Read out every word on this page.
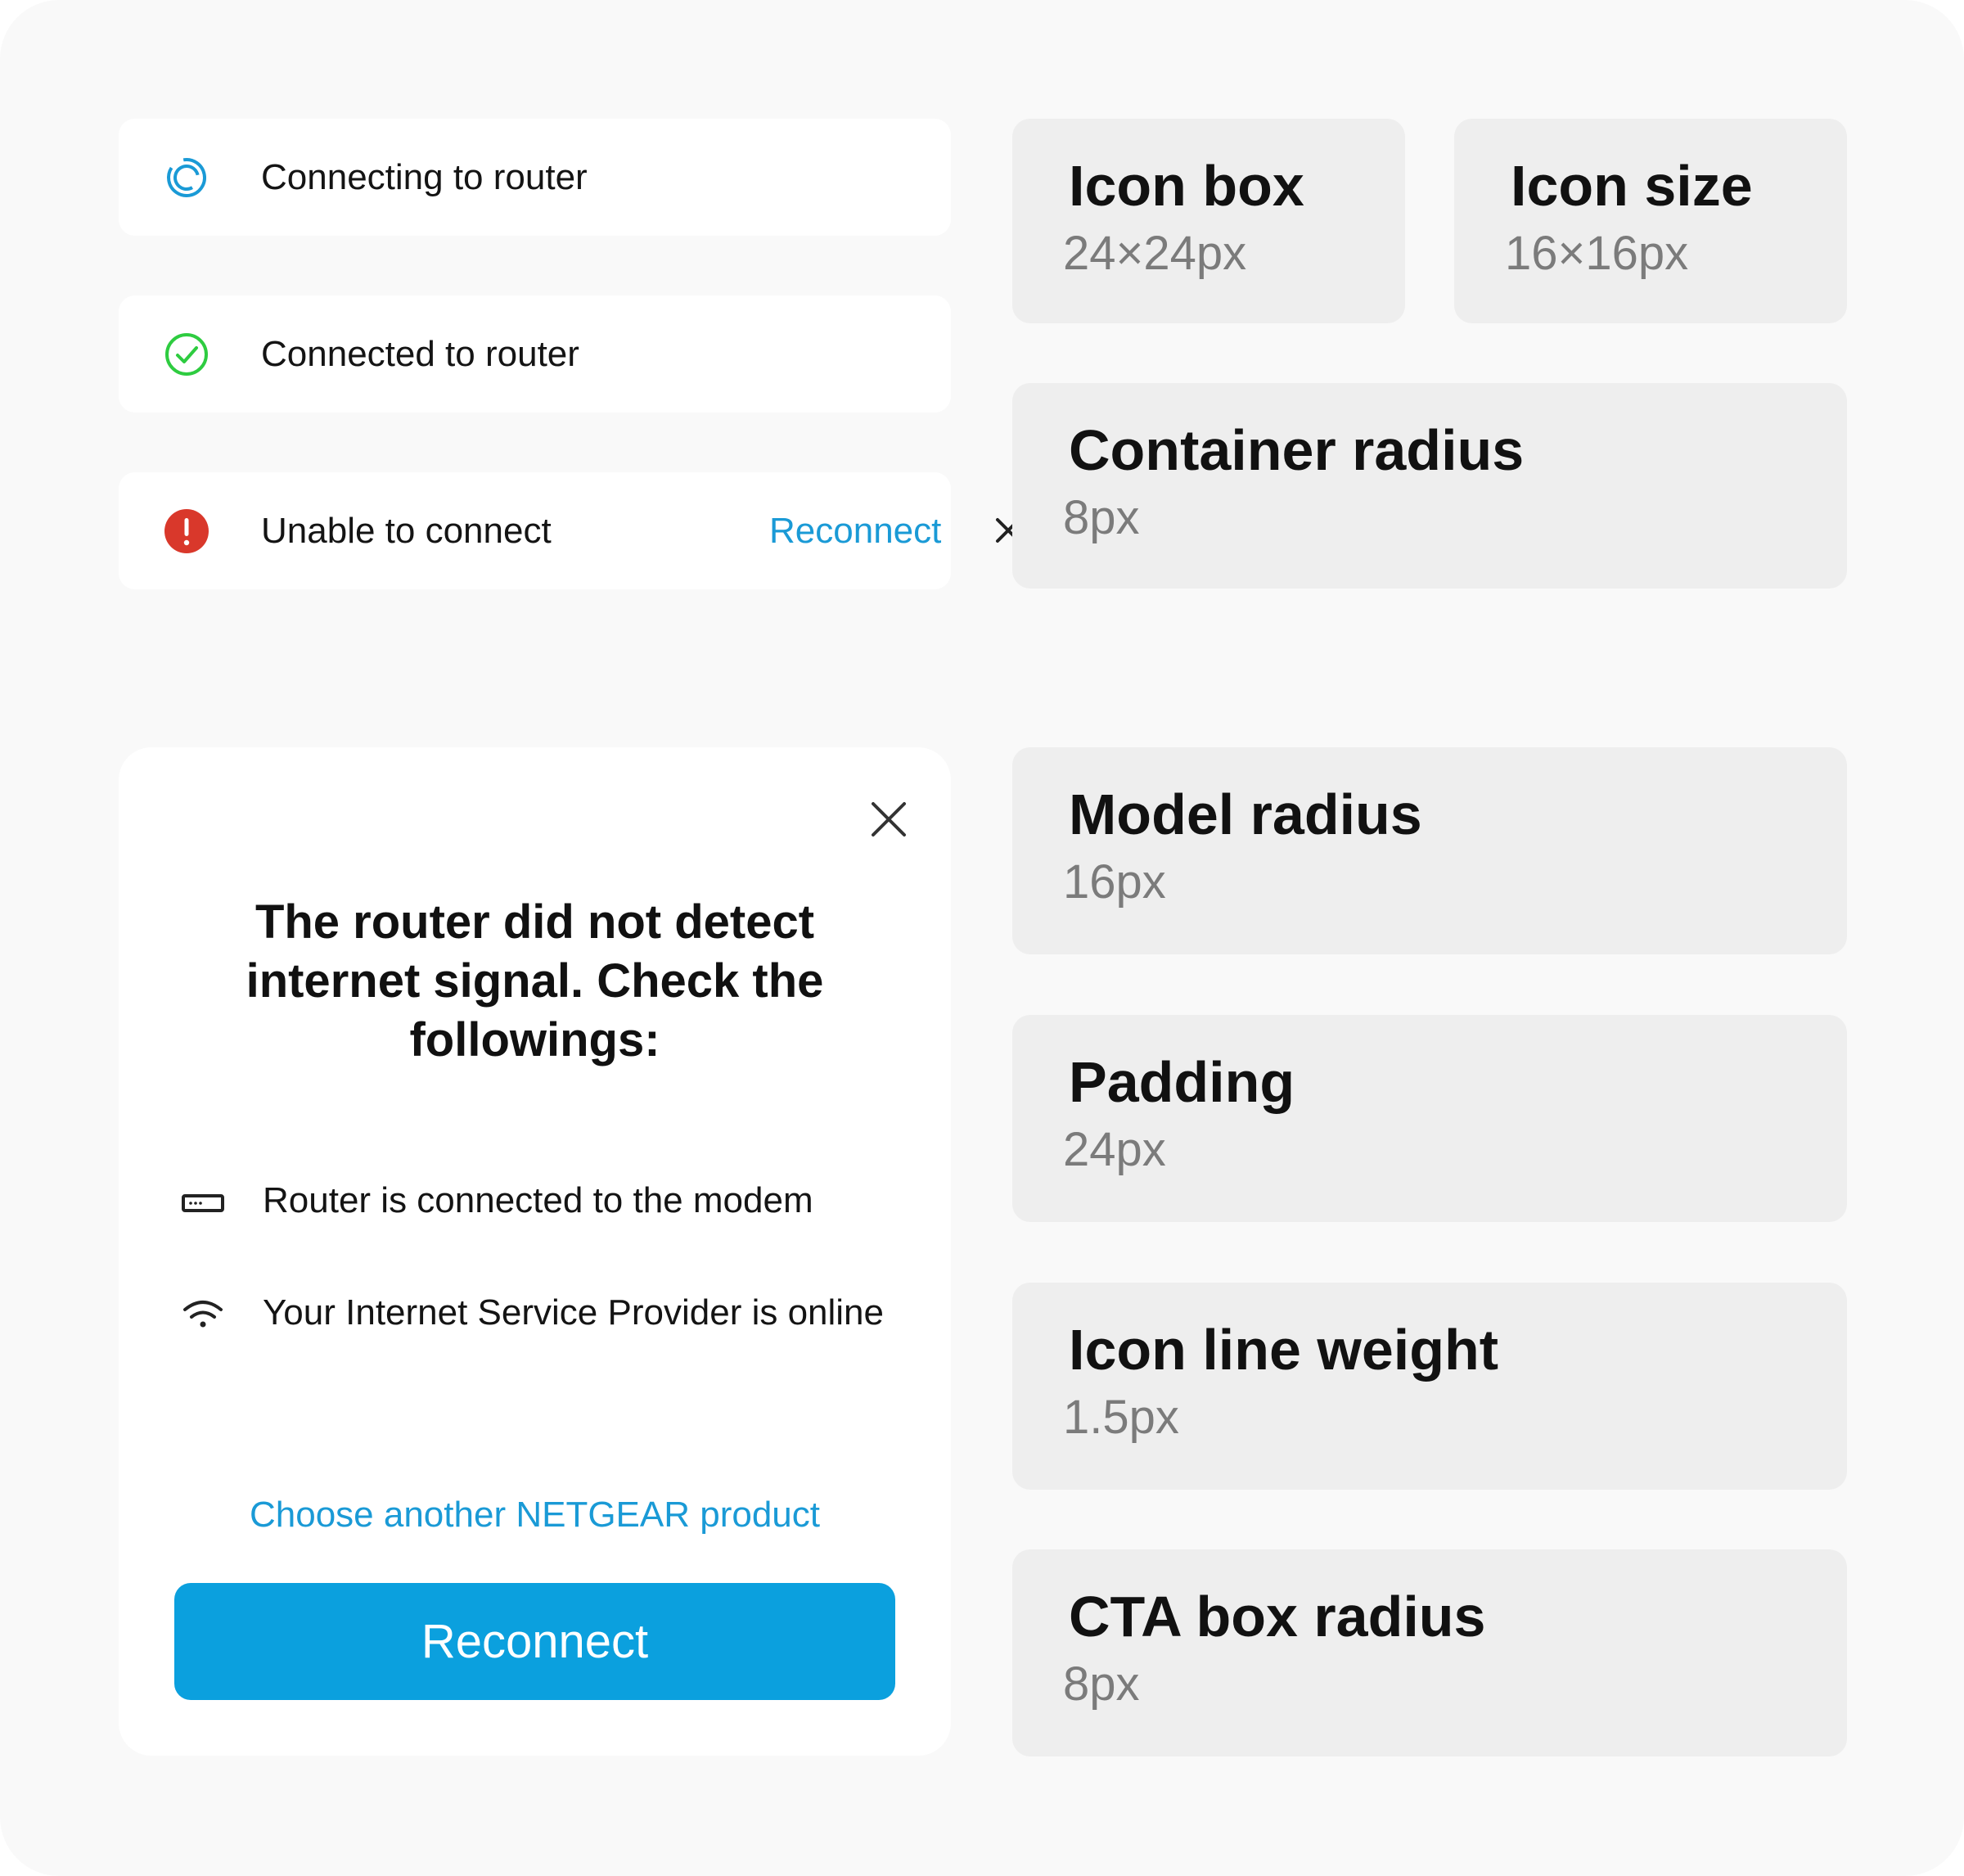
Connecting to router
Connected to router
Unable to connect	Reconnect
Icon box
24×24px
Icon size
16×16px
Container radius
8px
Model radius
16px
Padding
24px
Icon line weight
1.5px
CTA box radius
8px
The router did not detect internet signal. Check the followings:
Router is connected to the modem
Your Internet Service Provider is online
Choose another NETGEAR product
Reconnect
